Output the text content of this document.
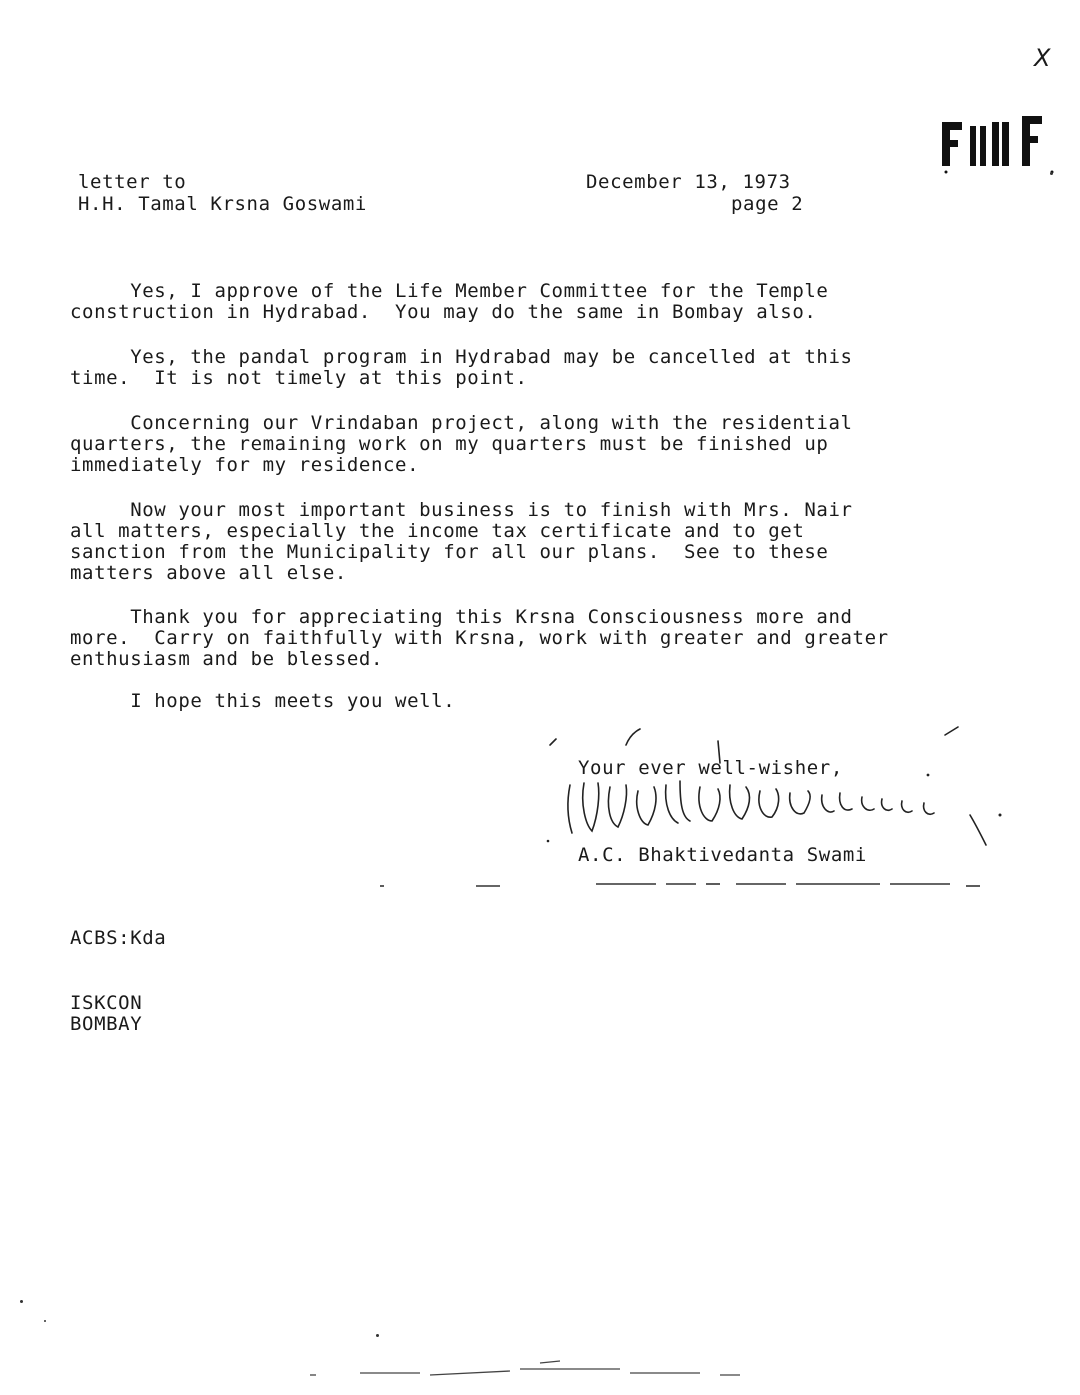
X
letter to
H.H. Tamal Krsna Goswami
December 13, 1973
page 2
Yes, I approve of the Life Member Committee for the Temple
construction in Hydrabad.  You may do the same in Bombay also.
Yes, the pandal program in Hydrabad may be cancelled at this
time.  It is not timely at this point.
Concerning our Vrindaban project, along with the residential
quarters, the remaining work on my quarters must be finished up
immediately for my residence.
Now your most important business is to finish with Mrs. Nair
all matters, especially the income tax certificate and to get
sanction from the Municipality for all our plans.  See to these
matters above all else.
Thank you for appreciating this Krsna Consciousness more and
more.  Carry on faithfully with Krsna, work with greater and greater
enthusiasm and be blessed.
I hope this meets you well.
Your ever well-wisher,
A.C. Bhaktivedanta Swami
ACBS:Kda
ISKCON
BOMBAY
